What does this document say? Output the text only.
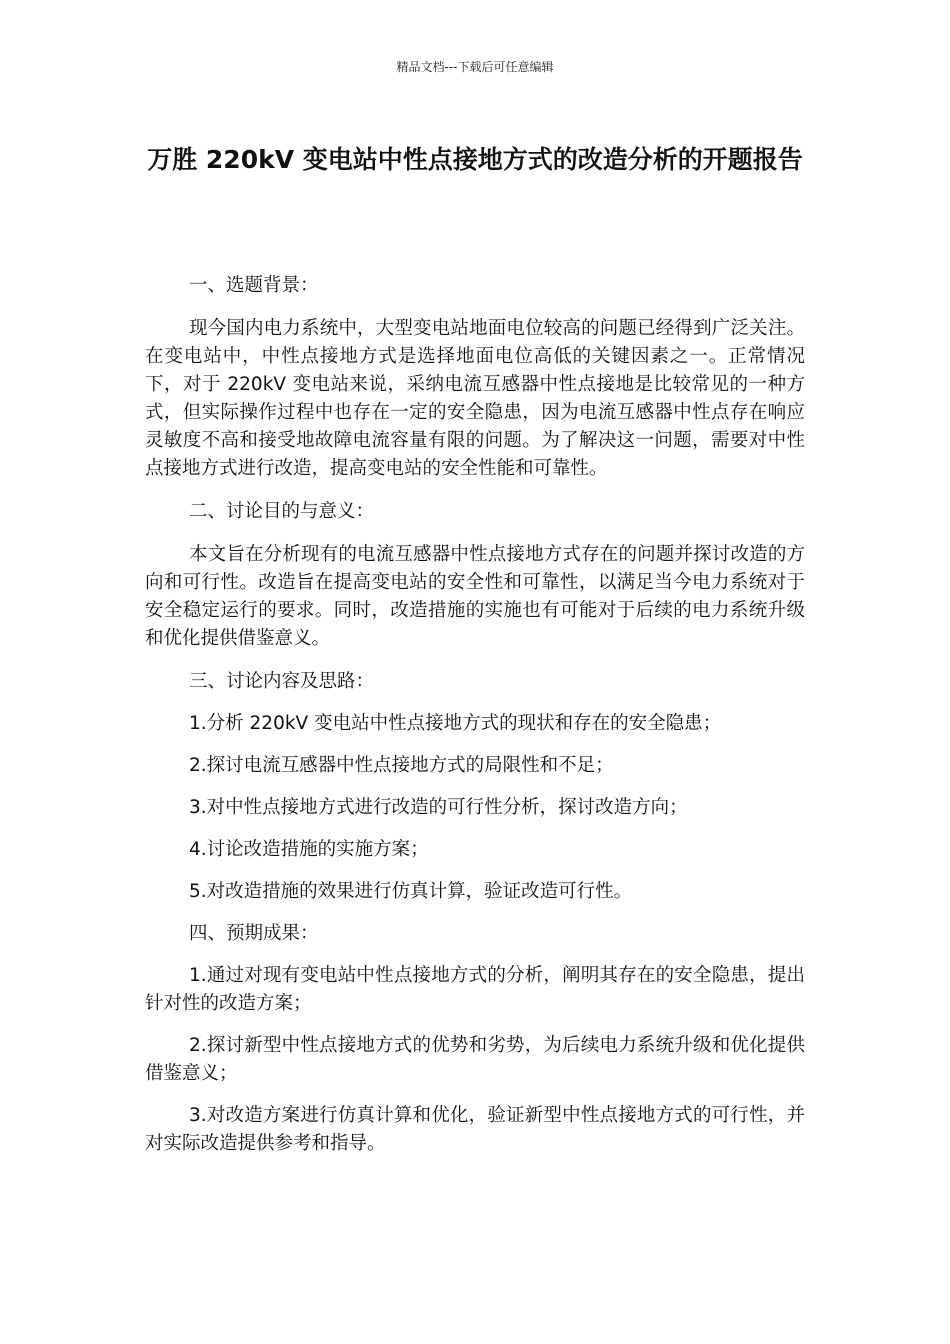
精品文档---下载后可任意编辑
万胜 220kV 变电站中性点接地方式的改造分析的开题报告

一、选题背景：

现今国内电力系统中，大型变电站地面电位较高的问题已经得到广泛关注。在变电站中，中性点接地方式是选择地面电位高低的关键因素之一。正常情况下，对于 220kV 变电站来说，采纳电流互感器中性点接地是比较常见的一种方式，但实际操作过程中也存在一定的安全隐患，因为电流互感器中性点存在响应灵敏度不高和接受地故障电流容量有限的问题。为了解决这一问题，需要对中性点接地方式进行改造，提高变电站的安全性能和可靠性。

二、讨论目的与意义：

本文旨在分析现有的电流互感器中性点接地方式存在的问题并探讨改造的方向和可行性。改造旨在提高变电站的安全性和可靠性，以满足当今电力系统对于安全稳定运行的要求。同时，改造措施的实施也有可能对于后续的电力系统升级和优化提供借鉴意义。

三、讨论内容及思路：

1.分析 220kV 变电站中性点接地方式的现状和存在的安全隐患；

2.探讨电流互感器中性点接地方式的局限性和不足；

3.对中性点接地方式进行改造的可行性分析，探讨改造方向；

4.讨论改造措施的实施方案；

5.对改造措施的效果进行仿真计算，验证改造可行性。

四、预期成果：

1.通过对现有变电站中性点接地方式的分析，阐明其存在的安全隐患，提出针对性的改造方案；

2.探讨新型中性点接地方式的优势和劣势，为后续电力系统升级和优化提供借鉴意义；

3.对改造方案进行仿真计算和优化，验证新型中性点接地方式的可行性，并对实际改造提供参考和指导。
